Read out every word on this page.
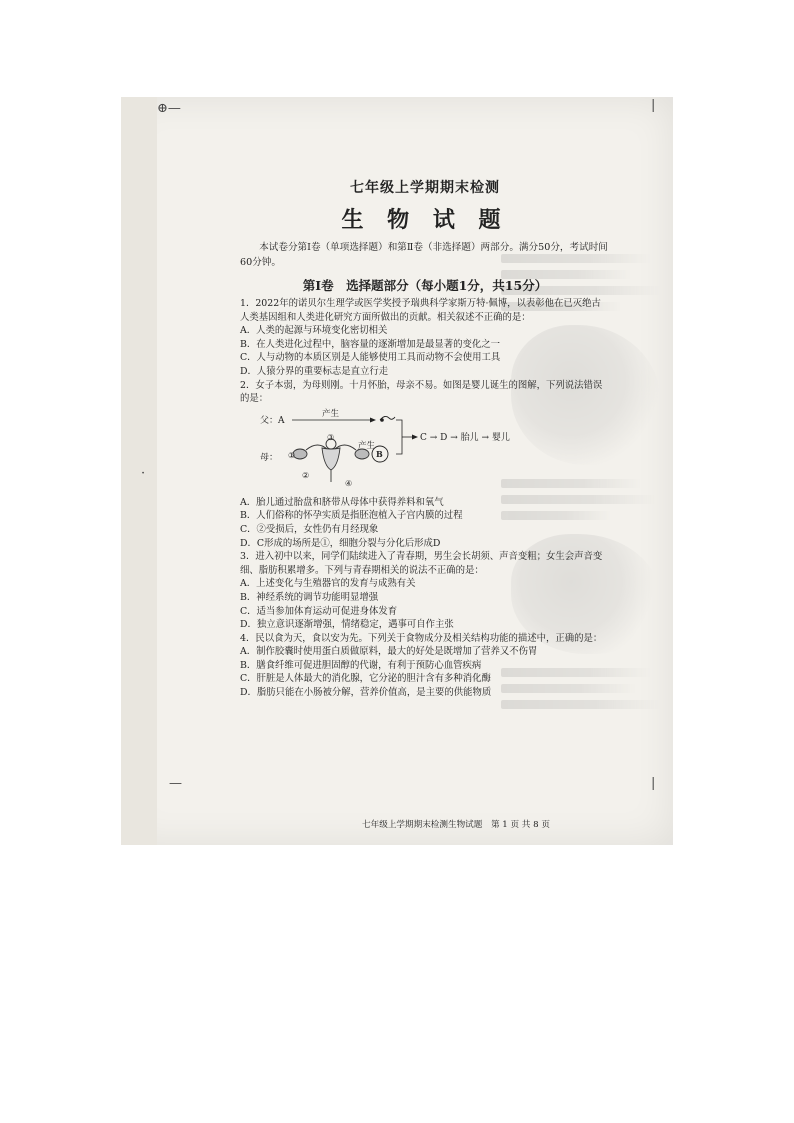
⊕—	|
—	|
·

七年级上学期期末检测

生 物 试 题

本试卷分第Ⅰ卷（单项选择题）和第Ⅱ卷（非选择题）两部分。满分50分，考试时间60分钟。

第Ⅰ卷　选择题部分（每小题1分，共15分）

1．2022年的诺贝尔生理学或医学奖授予瑞典科学家斯万特·佩博，以表彰他在已灭绝古人类基因组和人类进化研究方面所做出的贡献。相关叙述不正确的是：

A．人类的起源与环境变化密切相关

B．在人类进化过程中，脑容量的逐渐增加是最显著的变化之一

C．人与动物的本质区别是人能够使用工具而动物不会使用工具

D．人猿分界的重要标志是直立行走

2．女子本弱，为母则刚。十月怀胎，母亲不易。如图是婴儿诞生的图解，下列说法错误的是：

父：A
产生
母： ①
②
③
④
产生
B
C → D → 胎儿 → 婴儿

A．胎儿通过胎盘和脐带从母体中获得养料和氧气

B．人们俗称的怀孕实质是指胚泡植入子宫内膜的过程

C．②受损后，女性仍有月经现象

D．C形成的场所是①，细胞分裂与分化后形成D

3．进入初中以来，同学们陆续进入了青春期，男生会长胡须、声音变粗；女生会声音变细、脂肪积累增多。下列与青春期相关的说法不正确的是：

A．上述变化与生殖器官的发育与成熟有关

B．神经系统的调节功能明显增强

C．适当参加体育运动可促进身体发育

D．独立意识逐渐增强，情绪稳定，遇事可自作主张

4．民以食为天，食以安为先。下列关于食物成分及相关结构功能的描述中，正确的是：

A．制作胶囊时使用蛋白质做原料，最大的好处是既增加了营养又不伤胃

B．膳食纤维可促进胆固醇的代谢，有利于预防心血管疾病

C．肝脏是人体最大的消化腺，它分泌的胆汁含有多种消化酶

D．脂肪只能在小肠被分解，营养价值高，是主要的供能物质

七年级上学期期末检测生物试题　第 1 页 共 8 页
